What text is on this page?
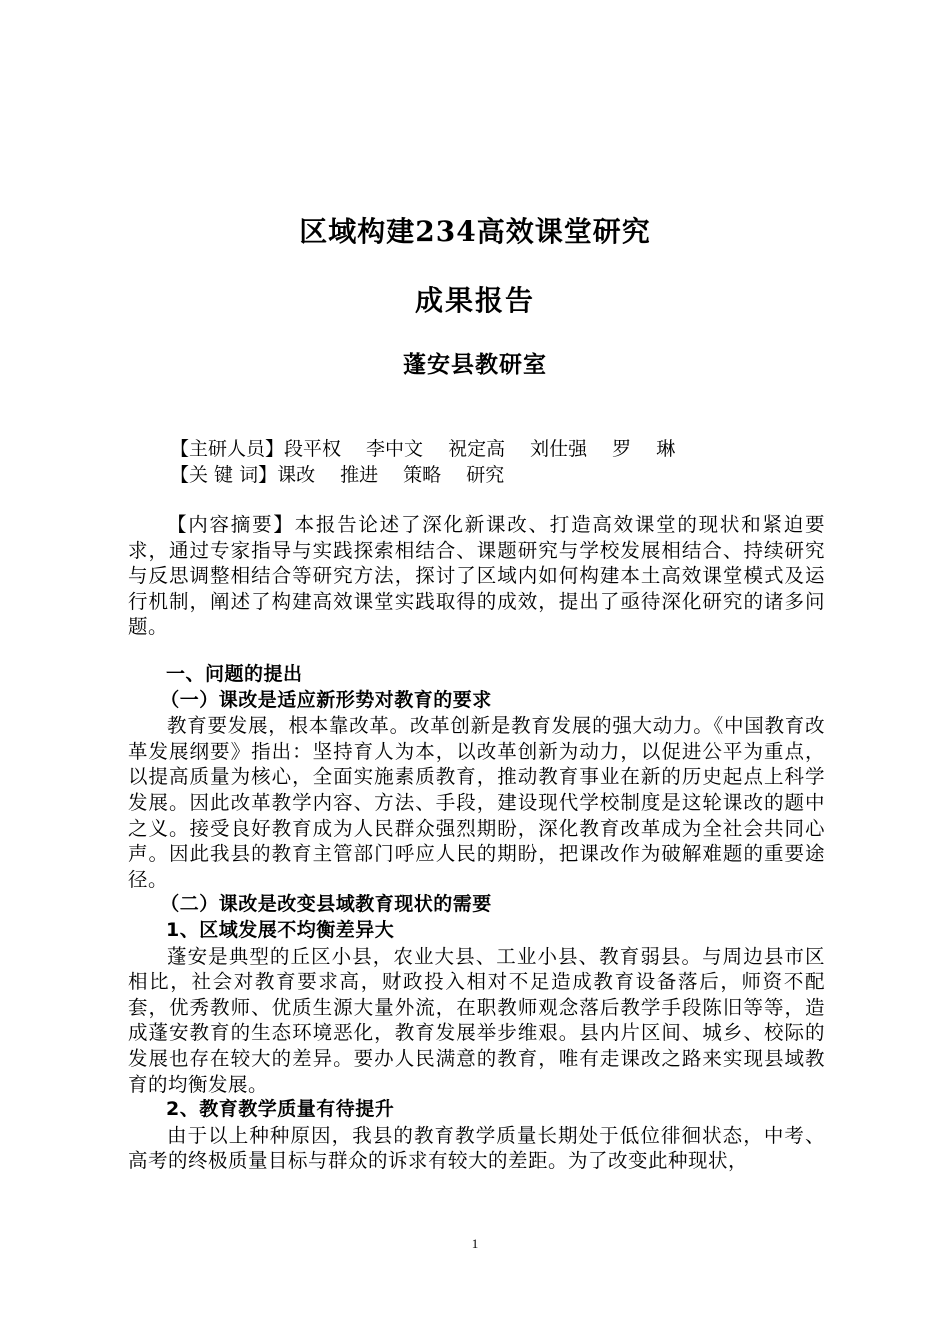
区域构建234高效课堂研究
成果报告
蓬安县教研室
【主研人员】段平权　 李中文　 祝定高　 刘仕强　 罗　 琳
【关 键 词】课改　 推进　 策略　 研究

【内容摘要】本报告论述了深化新课改、打造高效课堂的现状和紧迫要求，通过专家指导与实践探索相结合、课题研究与学校发展相结合、持续研究与反思调整相结合等研究方法，探讨了区域内如何构建本土高效课堂模式及运行机制，阐述了构建高效课堂实践取得的成效，提出了亟待深化研究的诸多问题。

一、问题的提出
（一）课改是适应新形势对教育的要求

教育要发展，根本靠改革。改革创新是教育发展的强大动力。《中国教育改革发展纲要》指出：坚持育人为本，以改革创新为动力，以促进公平为重点，以提高质量为核心，全面实施素质教育，推动教育事业在新的历史起点上科学发展。因此改革教学内容、方法、手段，建设现代学校制度是这轮课改的题中之义。接受良好教育成为人民群众强烈期盼，深化教育改革成为全社会共同心声。因此我县的教育主管部门呼应人民的期盼，把课改作为破解难题的重要途径。

（二）课改是改变县域教育现状的需要
1、区域发展不均衡差异大

蓬安是典型的丘区小县，农业大县、工业小县、教育弱县。与周边县市区相比，社会对教育要求高，财政投入相对不足造成教育设备落后，师资不配套，优秀教师、优质生源大量外流，在职教师观念落后教学手段陈旧等等，造成蓬安教育的生态环境恶化，教育发展举步维艰。县内片区间、城乡、校际的发展也存在较大的差异。要办人民满意的教育，唯有走课改之路来实现县域教育的均衡发展。

2、教育教学质量有待提升

由于以上种种原因，我县的教育教学质量长期处于低位徘徊状态，中考、高考的终极质量目标与群众的诉求有较大的差距。为了改变此种现状，

1
